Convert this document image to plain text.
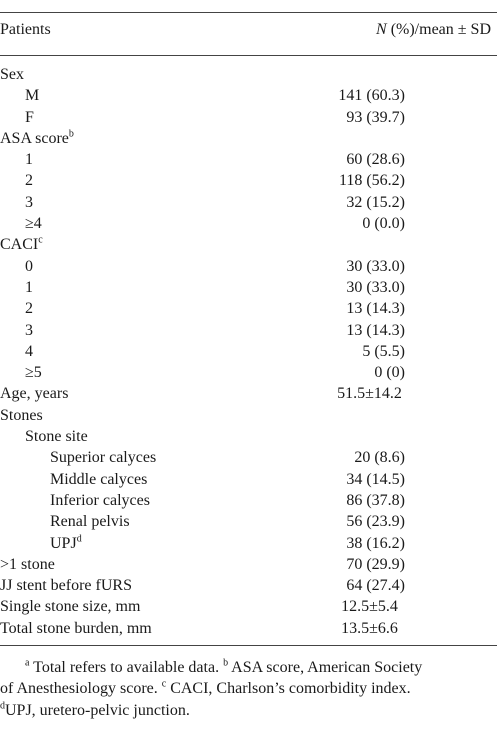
Patients	N (%)/mean ± SD
Sex
M	141 (60.3)
F	93 (39.7)
ASA score$^b$
1	60 (28.6)
2	118 (56.2)
3	32 (15.2)
≥4	0 (0.0)
CACI$^c$
0	30 (33.0)
1	30 (33.0)
2	13 (14.3)
3	13 (14.3)
4	5 (5.5)
≥5	0 (0)
Age, years	51.5±14.2
Stones
Stone site
Superior calyces	20 (8.6)
Middle calyces	34 (14.5)
Inferior calyces	86 (37.8)
Renal pelvis	56 (23.9)
UPJ$^d$	38 (16.2)
>1 stone	70 (29.9)
JJ stent before fURS	64 (27.4)
Single stone size, mm	12.5±5.4
Total stone burden, mm	13.5±6.6
$^a$ Total refers to available data. $^b$ ASA score, American Society
of Anesthesiology score. $^c$ CACI, Charlson’s comorbidity index.
$^d$UPJ, uretero-pelvic junction.
